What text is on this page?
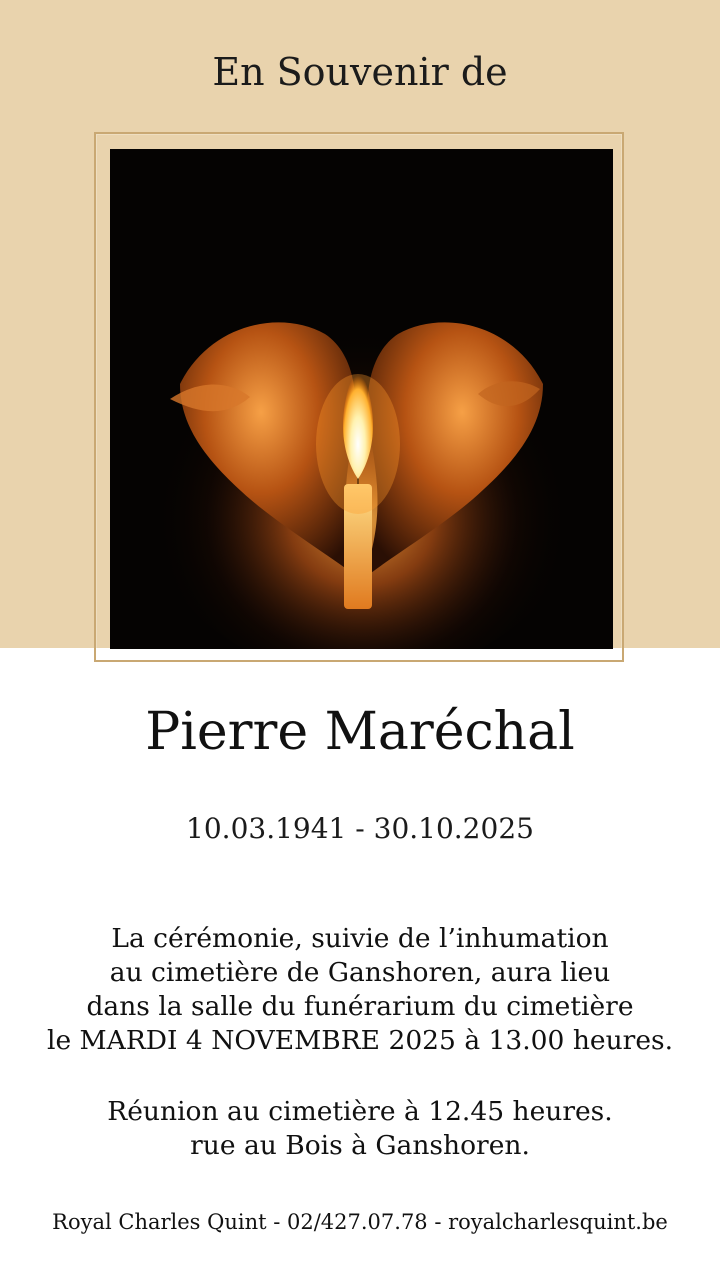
En Souvenir de
Pierre Maréchal
10.03.1941 - 30.10.2025
La cérémonie, suivie de l’inhumation
au cimetière de Ganshoren, aura lieu
dans la salle du funérarium du cimetière
le MARDI 4 NOVEMBRE 2025 à 13.00 heures.
Réunion au cimetière à 12.45 heures.
rue au Bois à Ganshoren.
Royal Charles Quint - 02/427.07.78 - royalcharlesquint.be
